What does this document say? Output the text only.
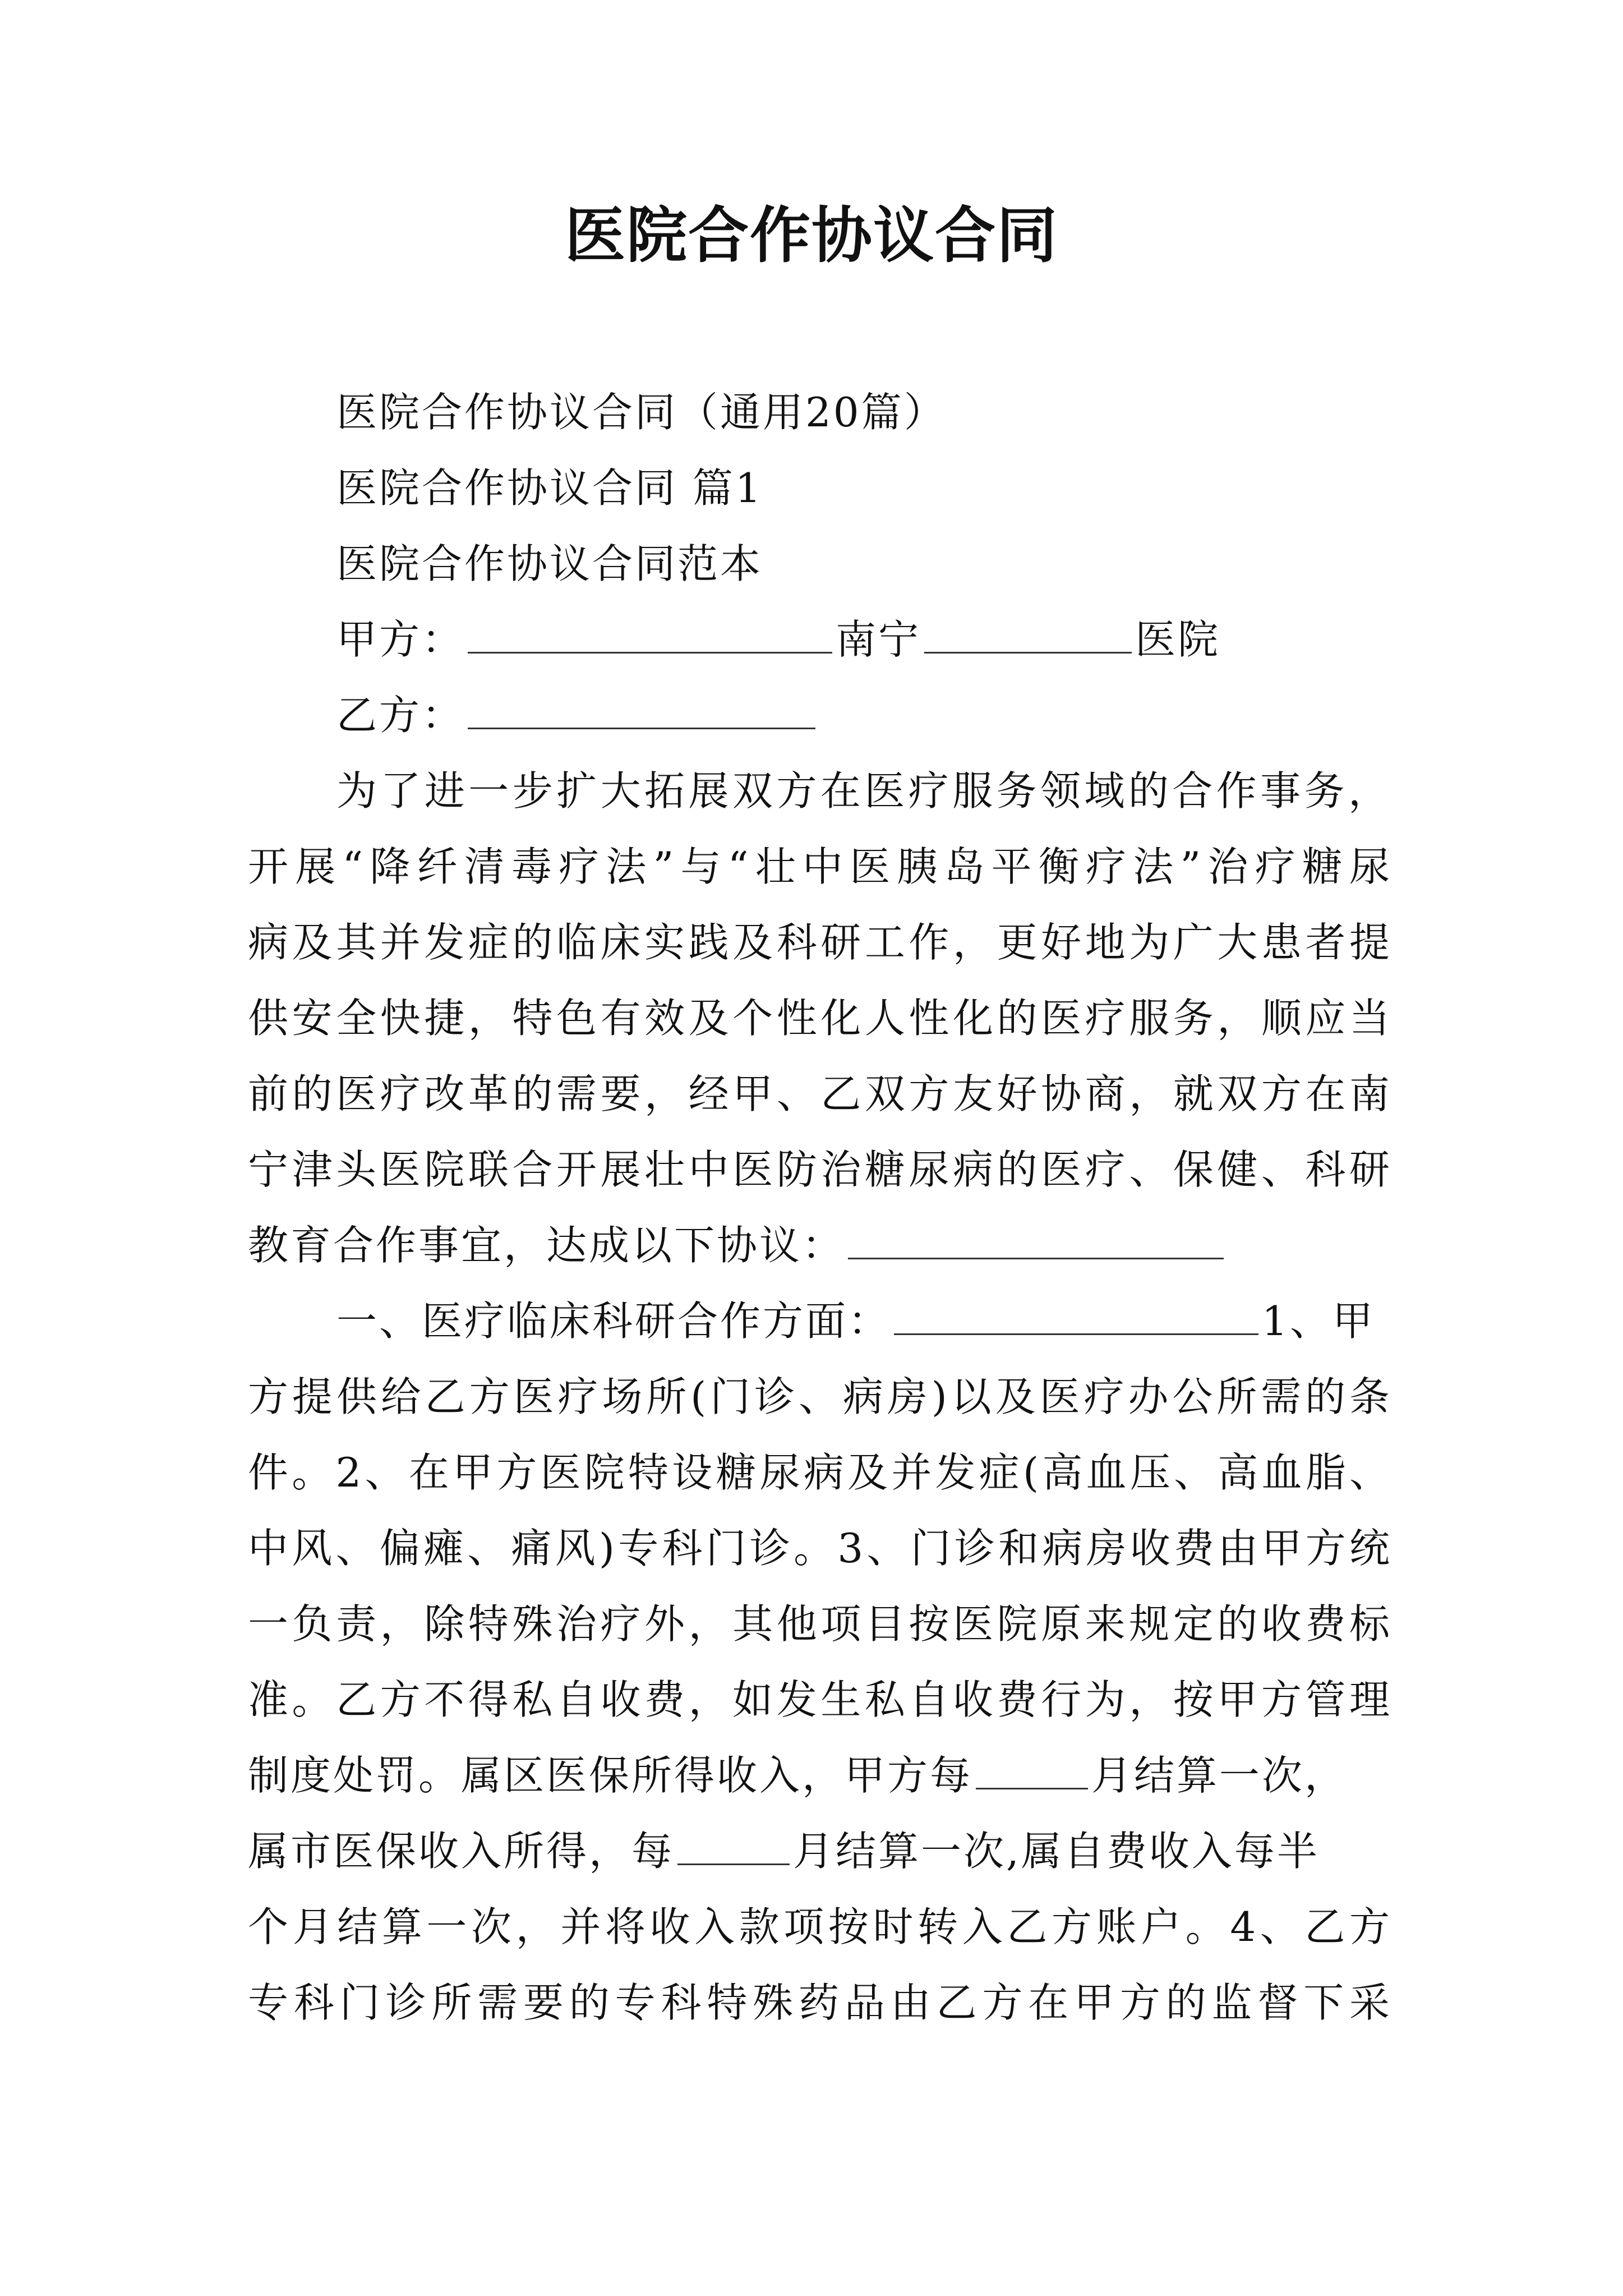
医院合作协议合同
医院合作协议合同（通用20篇）
医院合作协议合同 篇1
医院合作协议合同范本
甲方：	南宁	医院
乙方：
为了进一步扩大拓展双方在医疗服务领域的合作事务，
开展“降纤清毒疗法”与“壮中医胰岛平衡疗法”治疗糖尿
病及其并发症的临床实践及科研工作，更好地为广大患者提
供安全快捷，特色有效及个性化人性化的医疗服务，顺应当
前的医疗改革的需要，经甲、乙双方友好协商，就双方在南
宁津头医院联合开展壮中医防治糖尿病的医疗、保健、科研
教育合作事宜，达成以下协议：
一、医疗临床科研合作方面：	1、甲
方提供给乙方医疗场所(门诊、病房)以及医疗办公所需的条
件。2、在甲方医院特设糖尿病及并发症(高血压、高血脂、
中风、偏瘫、痛风)专科门诊。3、门诊和病房收费由甲方统
一负责，除特殊治疗外，其他项目按医院原来规定的收费标
准。乙方不得私自收费，如发生私自收费行为，按甲方管理
制度处罚。属区医保所得收入，甲方每	月结算一次，
属市医保收入所得，每	月结算一次,属自费收入每半
个月结算一次，并将收入款项按时转入乙方账户。4、乙方
专科门诊所需要的专科特殊药品由乙方在甲方的监督下采
